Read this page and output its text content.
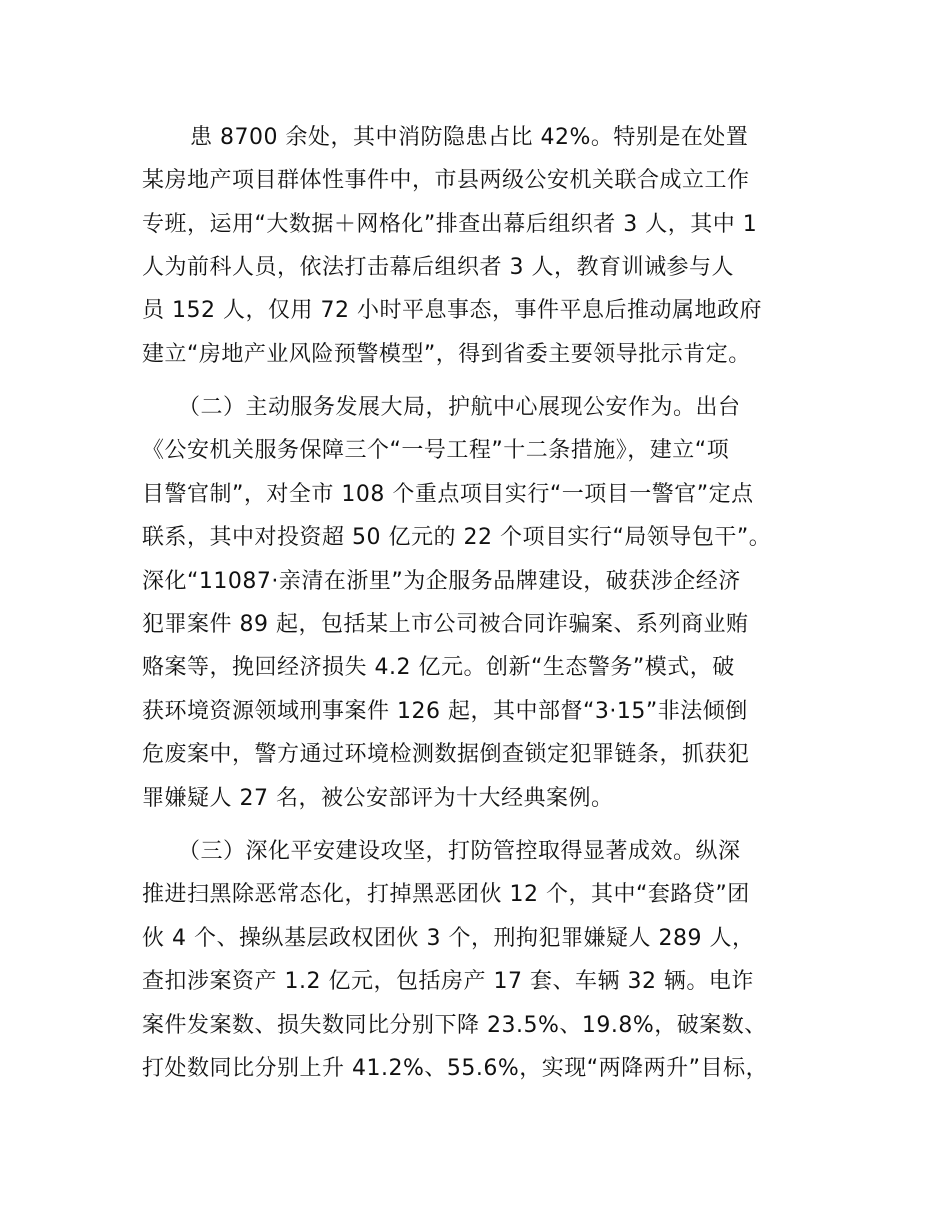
患 8700 余处，其中消防隐患占比 42%。特别是在处置
某房地产项目群体性事件中，市县两级公安机关联合成立工作
专班，运用“大数据＋网格化”排查出幕后组织者 3 人，其中 1
人为前科人员，依法打击幕后组织者 3 人，教育训诫参与人
员 152 人，仅用 72 小时平息事态，事件平息后推动属地政府
建立“房地产业风险预警模型”，得到省委主要领导批示肯定。
（二）主动服务发展大局，护航中心展现公安作为。出台
《公安机关服务保障三个“一号工程”十二条措施》，建立“项
目警官制”，对全市 108 个重点项目实行“一项目一警官”定点
联系，其中对投资超 50 亿元的 22 个项目实行“局领导包干”。
深化“11087·亲清在浙里”为企服务品牌建设，破获涉企经济
犯罪案件 89 起，包括某上市公司被合同诈骗案、系列商业贿
赂案等，挽回经济损失 4.2 亿元。创新“生态警务”模式，破
获环境资源领域刑事案件 126 起，其中部督“3·15”非法倾倒
危废案中，警方通过环境检测数据倒查锁定犯罪链条，抓获犯
罪嫌疑人 27 名，被公安部评为十大经典案例。
（三）深化平安建设攻坚，打防管控取得显著成效。纵深
推进扫黑除恶常态化，打掉黑恶团伙 12 个，其中“套路贷”团
伙 4 个、操纵基层政权团伙 3 个，刑拘犯罪嫌疑人 289 人，
查扣涉案资产 1.2 亿元，包括房产 17 套、车辆 32 辆。电诈
案件发案数、损失数同比分别下降 23.5%、19.8%，破案数、
打处数同比分别上升 41.2%、55.6%，实现“两降两升”目标，
